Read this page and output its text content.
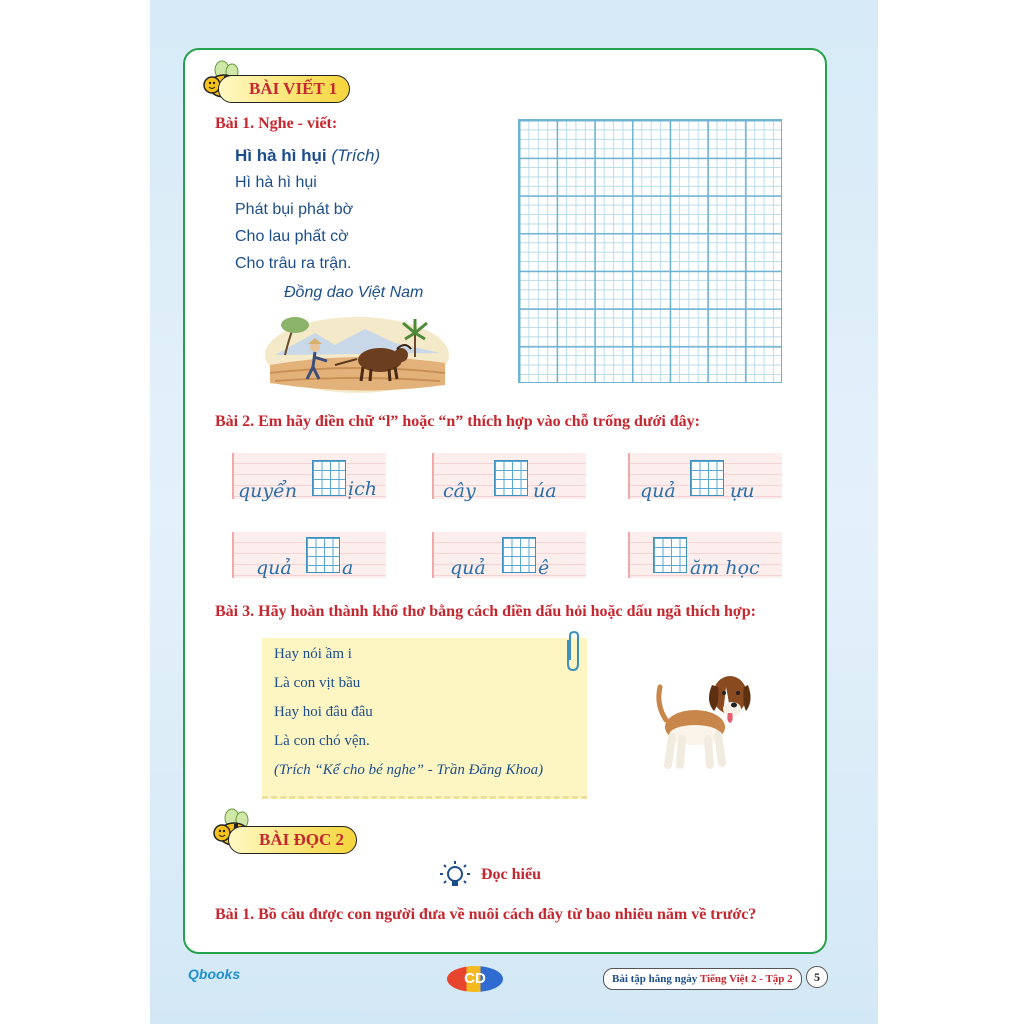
BÀI VIẾT 1
Bài 1. Nghe - viết:
Hì hà hì hụi (Trích)
Hì hà hì hụi
Phát bụi phát bờ
Cho lau phất cờ
Cho trâu ra trận.
Đồng dao Việt Nam
Bài 2. Em hãy điền chữ “l” hoặc “n” thích hợp vào chỗ trống dưới đây:
quyển	ịch	cây	úa	quả	ựu
quả	a	quả	ê	ăm học
Bài 3. Hãy hoàn thành khổ thơ bằng cách điền dấu hỏi hoặc dấu ngã thích hợp:
Hay nói ầm i
Là con vịt bầu
Hay hoi đâu đâu
Là con chó vện.
(Trích “Kể cho bé nghe” - Trần Đăng Khoa)
BÀI ĐỌC 2
Đọc hiểu
Bài 1. Bồ câu được con người đưa về nuôi cách đây từ bao nhiêu năm về trước?
Qbooks	CD	Bài tập hằng ngày Tiếng Việt 2 - Tập 2	5
